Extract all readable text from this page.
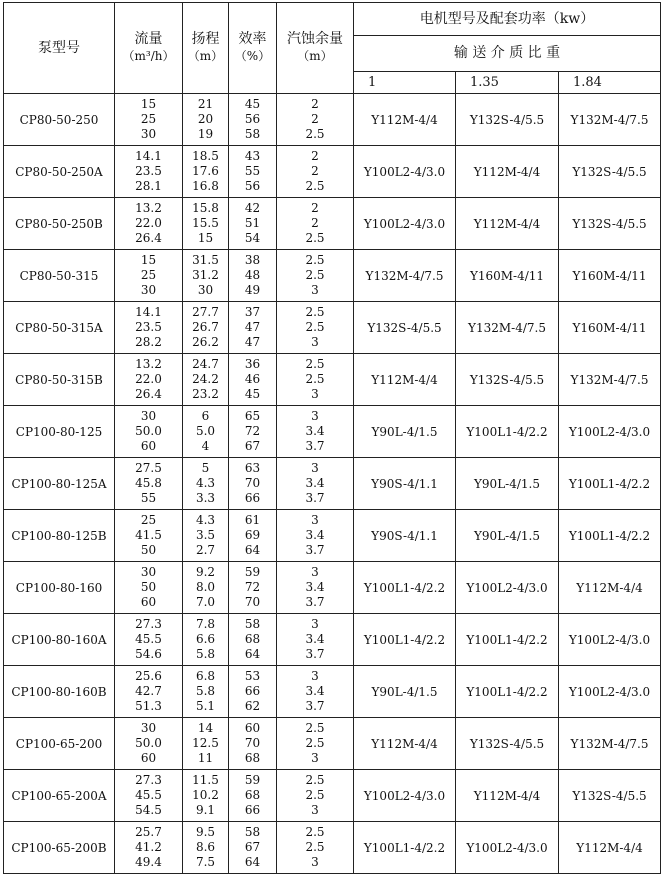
泵型号	流量
（m³/h）	扬程
（m）	效率
（%）	汽蚀余量
（m）	电机型号及配套功率（kw）		
					输 送 介 质 比 重		
					1	1.35	1.84
CP80-50-250	15
25
30	21
20
19	45
56
58	2
2
2.5	Y112M-4/4	Y132S-4/5.5	Y132M-4/7.5
CP80-50-250A	14.1
23.5
28.1	18.5
17.6
16.8	43
55
56	2
2
2.5	Y100L2-4/3.0	Y112M-4/4	Y132S-4/5.5
CP80-50-250B	13.2
22.0
26.4	15.8
15.5
15	42
51
54	2
2
2.5	Y100L2-4/3.0	Y112M-4/4	Y132S-4/5.5
CP80-50-315	15
25
30	31.5
31.2
30	38
48
49	2.5
2.5
3	Y132M-4/7.5	Y160M-4/11	Y160M-4/11
CP80-50-315A	14.1
23.5
28.2	27.7
26.7
26.2	37
47
47	2.5
2.5
3	Y132S-4/5.5	Y132M-4/7.5	Y160M-4/11
CP80-50-315B	13.2
22.0
26.4	24.7
24.2
23.2	36
46
45	2.5
2.5
3	Y112M-4/4	Y132S-4/5.5	Y132M-4/7.5
CP100-80-125	30
50.0
60	6
5.0
4	65
72
67	3
3.4
3.7	Y90L-4/1.5	Y100L1-4/2.2	Y100L2-4/3.0
CP100-80-125A	27.5
45.8
55	5
4.3
3.3	63
70
66	3
3.4
3.7	Y90S-4/1.1	Y90L-4/1.5	Y100L1-4/2.2
CP100-80-125B	25
41.5
50	4.3
3.5
2.7	61
69
64	3
3.4
3.7	Y90S-4/1.1	Y90L-4/1.5	Y100L1-4/2.2
CP100-80-160	30
50
60	9.2
8.0
7.0	59
72
70	3
3.4
3.7	Y100L1-4/2.2	Y100L2-4/3.0	Y112M-4/4
CP100-80-160A	27.3
45.5
54.6	7.8
6.6
5.8	58
68
64	3
3.4
3.7	Y100L1-4/2.2	Y100L1-4/2.2	Y100L2-4/3.0
CP100-80-160B	25.6
42.7
51.3	6.8
5.8
5.1	53
66
62	3
3.4
3.7	Y90L-4/1.5	Y100L1-4/2.2	Y100L2-4/3.0
CP100-65-200	30
50.0
60	14
12.5
11	60
70
68	2.5
2.5
3	Y112M-4/4	Y132S-4/5.5	Y132M-4/7.5
CP100-65-200A	27.3
45.5
54.5	11.5
10.2
9.1	59
68
66	2.5
2.5
3	Y100L2-4/3.0	Y112M-4/4	Y132S-4/5.5
CP100-65-200B	25.7
41.2
49.4	9.5
8.6
7.5	58
67
64	2.5
2.5
3	Y100L1-4/2.2	Y100L2-4/3.0	Y112M-4/4
